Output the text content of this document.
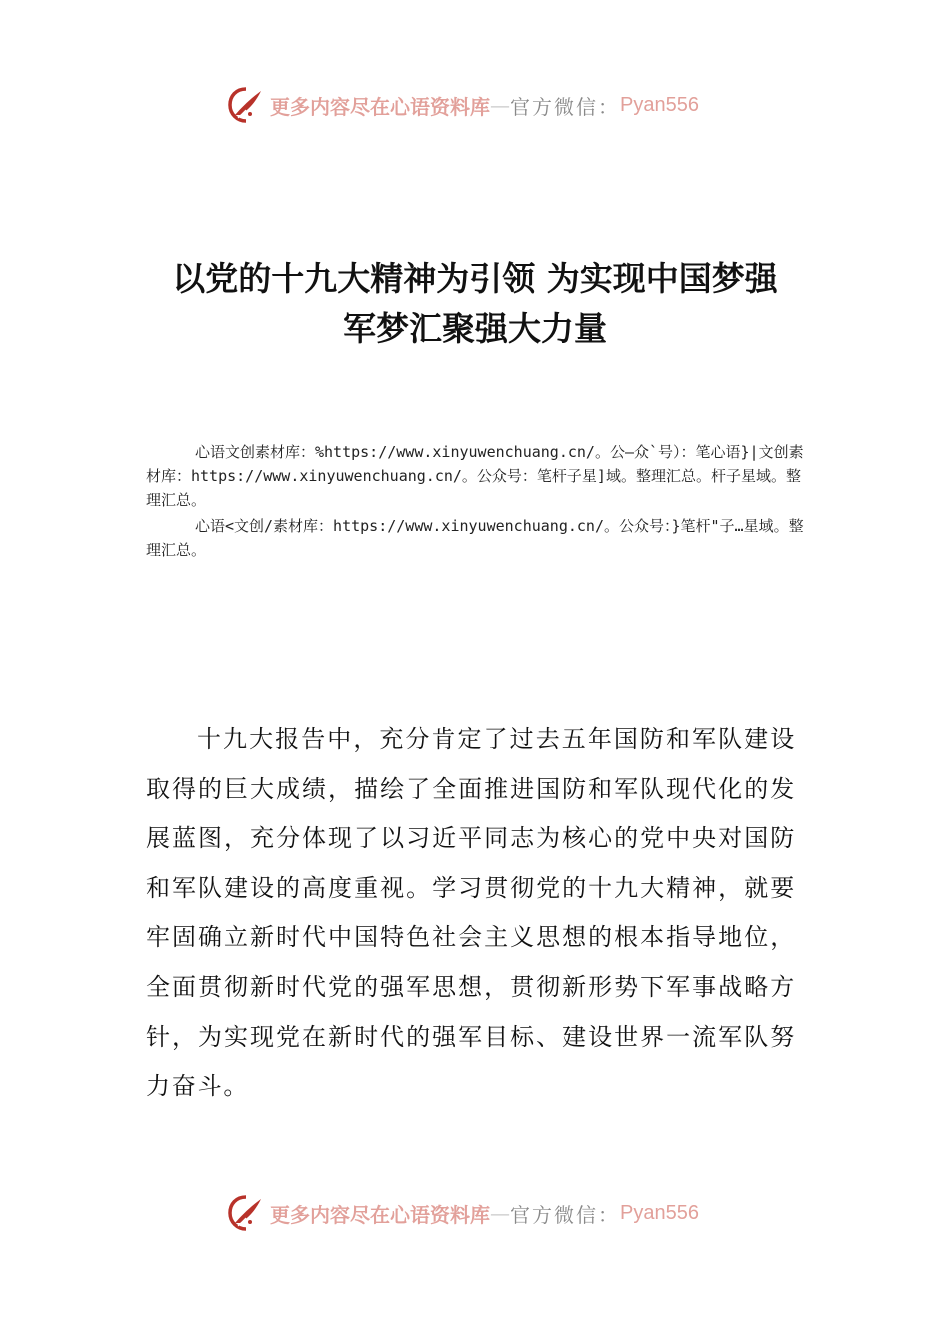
更多内容尽在心语资料库 — 官方微信： Pyan556
以党的十九大精神为引领 为实现中国梦强
军梦汇聚强大力量
心语文创素材库：%https://www.xinyuwenchuang.cn/。公—众`号）：笔心语}|文创素材库：https://www.xinyuwenchuang.cn/。公众号：笔杆子星]域。整理汇总。杆子星域。整理汇总。
心语<文创/素材库：https://www.xinyuwenchuang.cn/。公众号：}笔杆"子…星域。整理汇总。
十九大报告中，充分肯定了过去五年国防和军队建设取得的巨大成绩，描绘了全面推进国防和军队现代化的发展蓝图，充分体现了以习近平同志为核心的党中央对国防和军队建设的高度重视。学习贯彻党的十九大精神，就要牢固确立新时代中国特色社会主义思想的根本指导地位，全面贯彻新时代党的强军思想，贯彻新形势下军事战略方针，为实现党在新时代的强军目标、建设世界一流军队努力奋斗。
更多内容尽在心语资料库 — 官方微信： Pyan556
